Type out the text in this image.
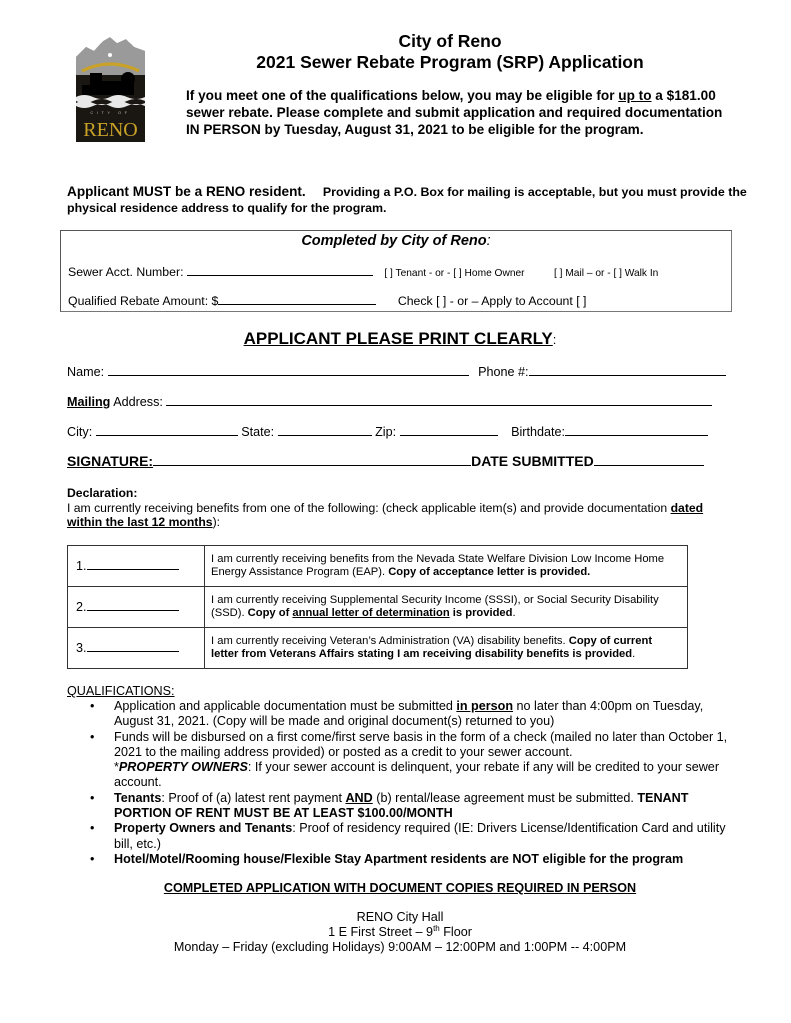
CITY OF
RENO
City of Reno
2021 Sewer Rebate Program (SRP) Application
If you meet one of the qualifications below, you may be eligible for up to a $181.00 sewer rebate. Please complete and submit application and required documentation IN PERSON by Tuesday, August 31, 2021 to be eligible for the program.
Applicant MUST be a RENO resident. Providing a P.O. Box for mailing is acceptable, but you must provide the physical residence address to qualify for the program.
Completed by City of Reno:
Sewer Acct. Number:	[ ] Tenant - or - [ ] Home Owner	[ ] Mail – or - [ ] Walk In
Qualified Rebate Amount: $	Check [ ] - or – Apply to Account [ ]
APPLICANT PLEASE PRINT CLEARLY:
Name:	Phone #:
Mailing Address:
City:	State:	Zip:	Birthdate:
SIGNATURE:	DATE SUBMITTED
Declaration:
I am currently receiving benefits from one of the following: (check applicable item(s) and provide documentation dated within the last 12 months):
1.	I am currently receiving benefits from the Nevada State Welfare Division Low Income Home Energy Assistance Program (EAP). Copy of acceptance letter is provided.
2.	I am currently receiving Supplemental Security Income (SSSI), or Social Security Disability (SSD). Copy of annual letter of determination is provided.
3.	I am currently receiving Veteran’s Administration (VA) disability benefits. Copy of current letter from Veterans Affairs stating I am receiving disability benefits is provided.
QUALIFICATIONS:
• Application and applicable documentation must be submitted in person no later than 4:00pm on Tuesday, August 31, 2021. (Copy will be made and original document(s) returned to you)
• Funds will be disbursed on a first come/first serve basis in the form of a check (mailed no later than October 1, 2021 to the mailing address provided) or posted as a credit to your sewer account.
*PROPERTY OWNERS: If your sewer account is delinquent, your rebate if any will be credited to your sewer account.
• Tenants: Proof of (a) latest rent payment AND (b) rental/lease agreement must be submitted. TENANT PORTION OF RENT MUST BE AT LEAST $100.00/MONTH
• Property Owners and Tenants: Proof of residency required (IE: Drivers License/Identification Card and utility bill, etc.)
• Hotel/Motel/Rooming house/Flexible Stay Apartment residents are NOT eligible for the program
COMPLETED APPLICATION WITH DOCUMENT COPIES REQUIRED IN PERSON
RENO City Hall
1 E First Street – 9th Floor
Monday – Friday (excluding Holidays) 9:00AM – 12:00PM and 1:00PM -- 4:00PM
